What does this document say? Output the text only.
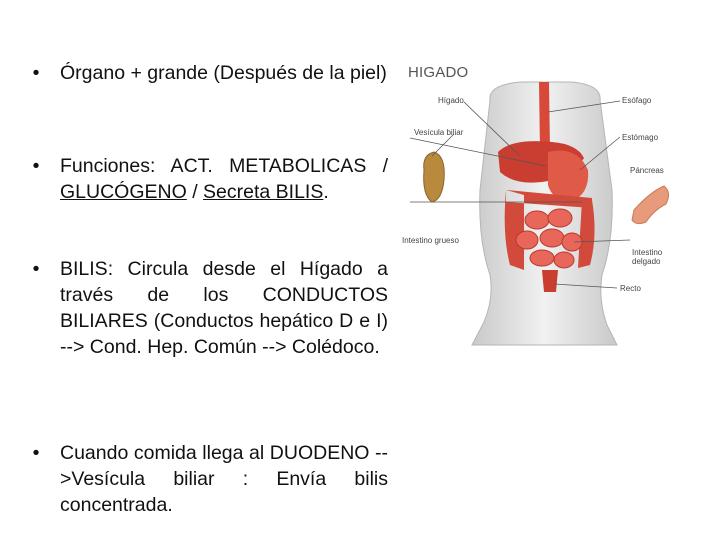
• Órgano + grande (Después de la piel)
• Funciones: ACT. METABOLICAS / GLUCÓGENO / Secreta BILIS.
• BILIS: Circula desde el Hígado a través de los CONDUCTOS BILIARES (Conductos hepático D e I) --> Cond. Hep. Común --> Colédoco.
• Cuando comida llega al DUODENO -->Vesícula biliar : Envía bilis concentrada.
HIGADO
Hígado	Esófago
Vesícula biliar
Estómago
Páncreas
Intestino grueso
Intestino delgado
Recto
